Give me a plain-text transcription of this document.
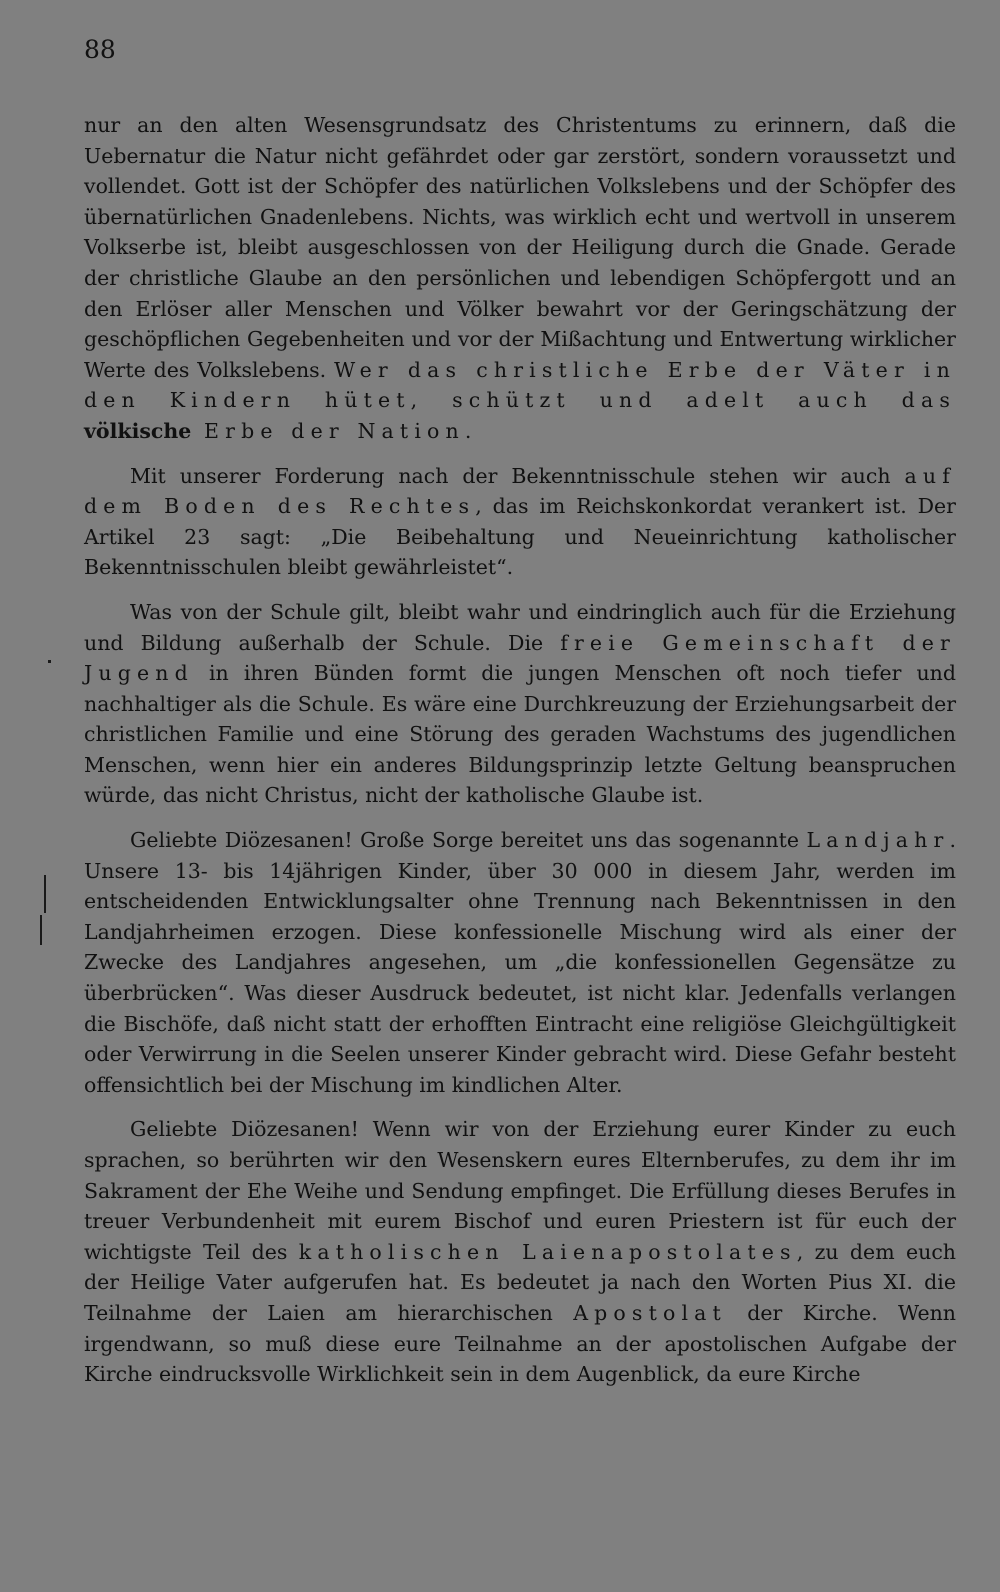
88

nur an den alten Wesensgrundsatz des Christentums zu erinnern, daß die Uebernatur die Natur nicht gefährdet oder gar zerstört, sondern voraussetzt und vollendet. Gott ist der Schöpfer des natürlichen Volkslebens und der Schöpfer des übernatürlichen Gnadenlebens. Nichts, was wirklich echt und wertvoll in unserem Volkserbe ist, bleibt ausgeschlossen von der Heiligung durch die Gnade. Gerade der christliche Glaube an den persönlichen und lebendigen Schöpfergott und an den Erlöser aller Menschen und Völker bewahrt vor der Geringschätzung der geschöpflichen Gegebenheiten und vor der Mißachtung und Entwertung wirklicher Werte des Volkslebens. Wer das christliche Erbe der Väter in den Kindern hütet, schützt und adelt auch das völkische Erbe der Nation.

Mit unserer Forderung nach der Bekenntnisschule stehen wir auch auf dem Boden des Rechtes, das im Reichskonkordat verankert ist. Der Artikel 23 sagt: „Die Beibehaltung und Neueinrichtung katholischer Bekenntnisschulen bleibt gewährleistet“.

Was von der Schule gilt, bleibt wahr und eindringlich auch für die Erziehung und Bildung außerhalb der Schule. Die freie Gemeinschaft der Jugend in ihren Bünden formt die jungen Menschen oft noch tiefer und nachhaltiger als die Schule. Es wäre eine Durchkreuzung der Erziehungsarbeit der christlichen Familie und eine Störung des geraden Wachstums des jugendlichen Menschen, wenn hier ein anderes Bildungsprinzip letzte Geltung beanspruchen würde, das nicht Christus, nicht der katholische Glaube ist.

Geliebte Diözesanen! Große Sorge bereitet uns das sogenannte Landjahr. Unsere 13- bis 14jährigen Kinder, über 30 000 in diesem Jahr, werden im entscheidenden Entwicklungsalter ohne Trennung nach Bekenntnissen in den Landjahrheimen erzogen. Diese konfessionelle Mischung wird als einer der Zwecke des Landjahres angesehen, um „die konfessionellen Gegensätze zu überbrücken“. Was dieser Ausdruck bedeutet, ist nicht klar. Jedenfalls verlangen die Bischöfe, daß nicht statt der erhofften Eintracht eine religiöse Gleichgültigkeit oder Verwirrung in die Seelen unserer Kinder gebracht wird. Diese Gefahr besteht offensichtlich bei der Mischung im kindlichen Alter.

Geliebte Diözesanen! Wenn wir von der Erziehung eurer Kinder zu euch sprachen, so berührten wir den Wesenskern eures Elternberufes, zu dem ihr im Sakrament der Ehe Weihe und Sendung empfinget. Die Erfüllung dieses Berufes in treuer Verbundenheit mit eurem Bischof und euren Priestern ist für euch der wichtigste Teil des katholischen Laienapostolates, zu dem euch der Heilige Vater aufgerufen hat. Es bedeutet ja nach den Worten Pius XI. die Teilnahme der Laien am hierarchischen Apostolat der Kirche. Wenn irgendwann, so muß diese eure Teilnahme an der apostolischen Aufgabe der Kirche eindrucksvolle Wirklichkeit sein in dem Augenblick, da eure Kirche
